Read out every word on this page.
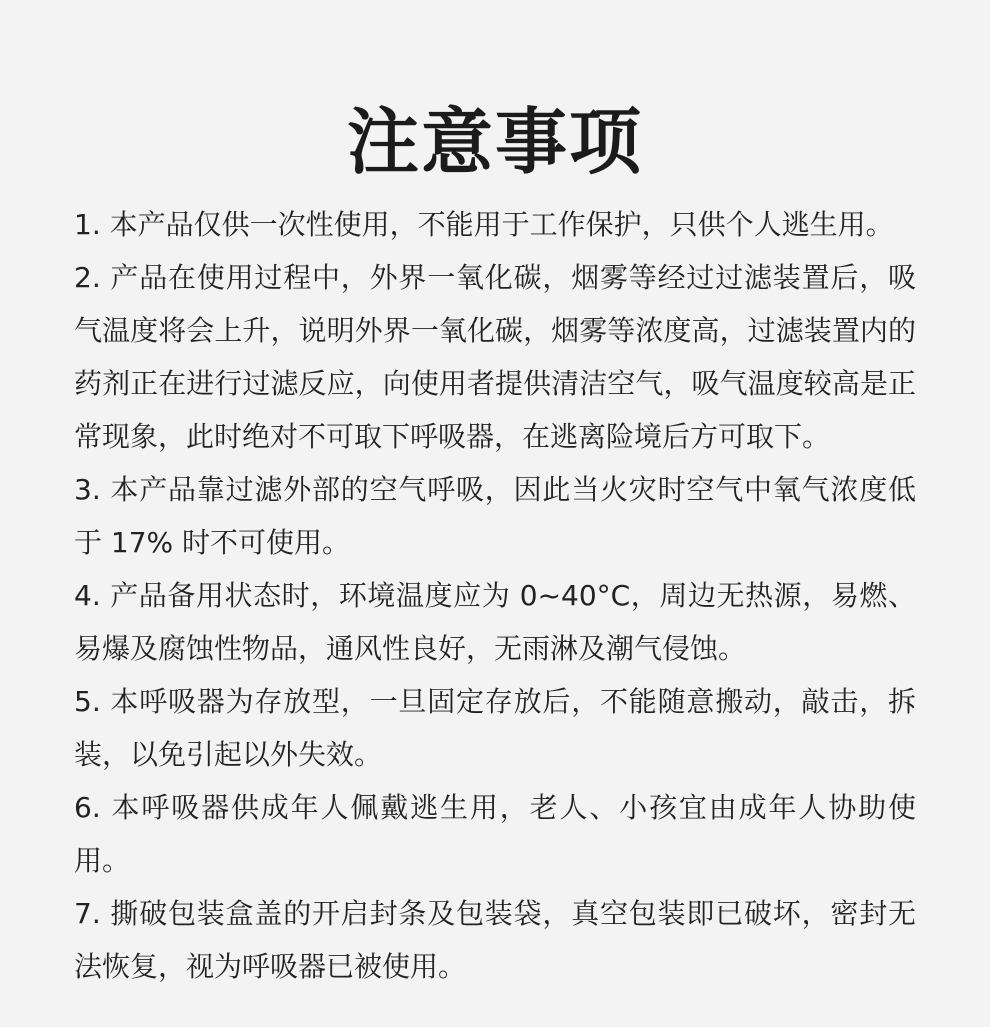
注意事项
1. 本产品仅供一次性使用，不能用于工作保护，只供个人逃生用。
2. 产品在使用过程中，外界一氧化碳，烟雾等经过过滤装置后，吸气温度将会上升，说明外界一氧化碳，烟雾等浓度高，过滤装置内的药剂正在进行过滤反应，向使用者提供清洁空气，吸气温度较高是正常现象，此时绝对不可取下呼吸器，在逃离险境后方可取下。
3. 本产品靠过滤外部的空气呼吸，因此当火灾时空气中氧气浓度低于 17% 时不可使用。
4. 产品备用状态时，环境温度应为 0~40°C，周边无热源，易燃、易爆及腐蚀性物品，通风性良好，无雨淋及潮气侵蚀。
5. 本呼吸器为存放型，一旦固定存放后，不能随意搬动，敲击，拆装，以免引起以外失效。
6. 本呼吸器供成年人佩戴逃生用，老人、小孩宜由成年人协助使用。
7. 撕破包装盒盖的开启封条及包装袋，真空包装即已破坏，密封无法恢复，视为呼吸器已被使用。
